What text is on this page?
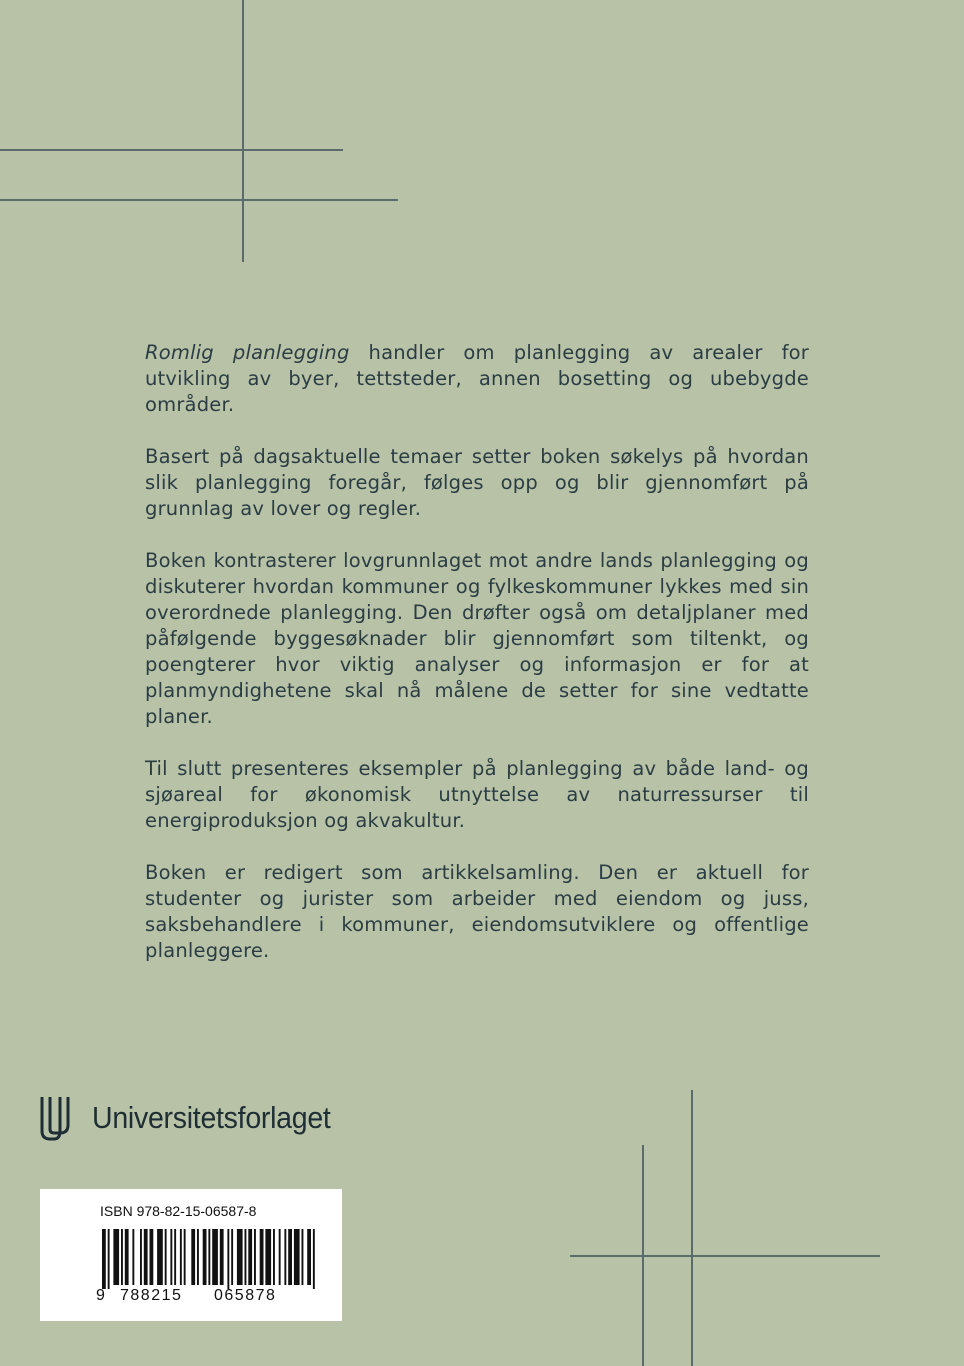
Romlig planlegging handler om planlegging av arealer for utvikling av byer, tettsteder, annen bosetting og ubebygde områder.

Basert på dagsaktuelle temaer setter boken søkelys på hvordan slik planlegging foregår, følges opp og blir gjennomført på grunnlag av lover og regler.

Boken kontrasterer lovgrunnlaget mot andre lands planlegging og diskuterer hvordan kommuner og fylkeskommuner lykkes med sin overordnede planlegging. Den drøfter også om detaljplaner med påfølgende byggesøknader blir gjennomført som tiltenkt, og poengterer hvor viktig analyser og informasjon er for at planmyndighetene skal nå målene de setter for sine vedtatte planer.

Til slutt presenteres eksempler på planlegging av både land- og sjøareal for økonomisk utnyttelse av naturressurser til energiproduksjon og akvakultur.

Boken er redigert som artikkelsamling. Den er aktuell for studenter og jurister som arbeider med eiendom og juss, saksbehandlere i kommuner, eiendomsutviklere og offentlige planleggere.

Universitetsforlaget
ISBN 978-82-15-06587-8
9 788215 065878
